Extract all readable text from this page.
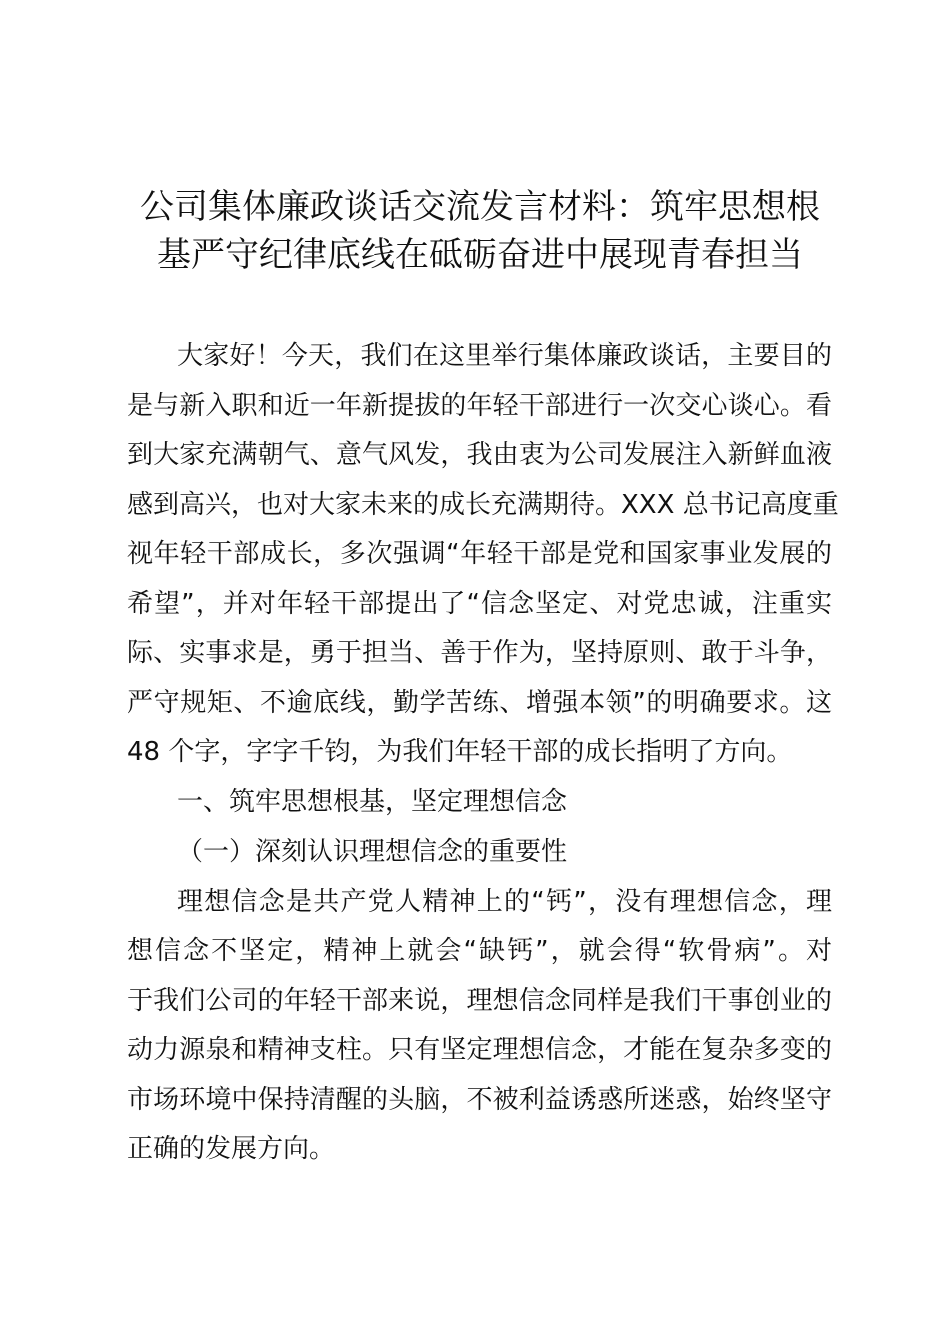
公司集体廉政谈话交流发言材料：筑牢思想根
基严守纪律底线在砥砺奋进中展现青春担当
大家好！今天，我们在这里举行集体廉政谈话，主要目的
是与新入职和近一年新提拔的年轻干部进行一次交心谈心。看
到大家充满朝气、意气风发，我由衷为公司发展注入新鲜血液
感到高兴，也对大家未来的成长充满期待。XXX 总书记高度重
视年轻干部成长，多次强调“年轻干部是党和国家事业发展的
希望”，并对年轻干部提出了“信念坚定、对党忠诚，注重实
际、实事求是，勇于担当、善于作为，坚持原则、敢于斗争，
严守规矩、不逾底线，勤学苦练、增强本领”的明确要求。这
48 个字，字字千钧，为我们年轻干部的成长指明了方向。
一、筑牢思想根基，坚定理想信念
（一）深刻认识理想信念的重要性
理想信念是共产党人精神上的“钙”，没有理想信念，理
想信念不坚定，精神上就会“缺钙”，就会得“软骨病”。对
于我们公司的年轻干部来说，理想信念同样是我们干事创业的
动力源泉和精神支柱。只有坚定理想信念，才能在复杂多变的
市场环境中保持清醒的头脑，不被利益诱惑所迷惑，始终坚守
正确的发展方向。
